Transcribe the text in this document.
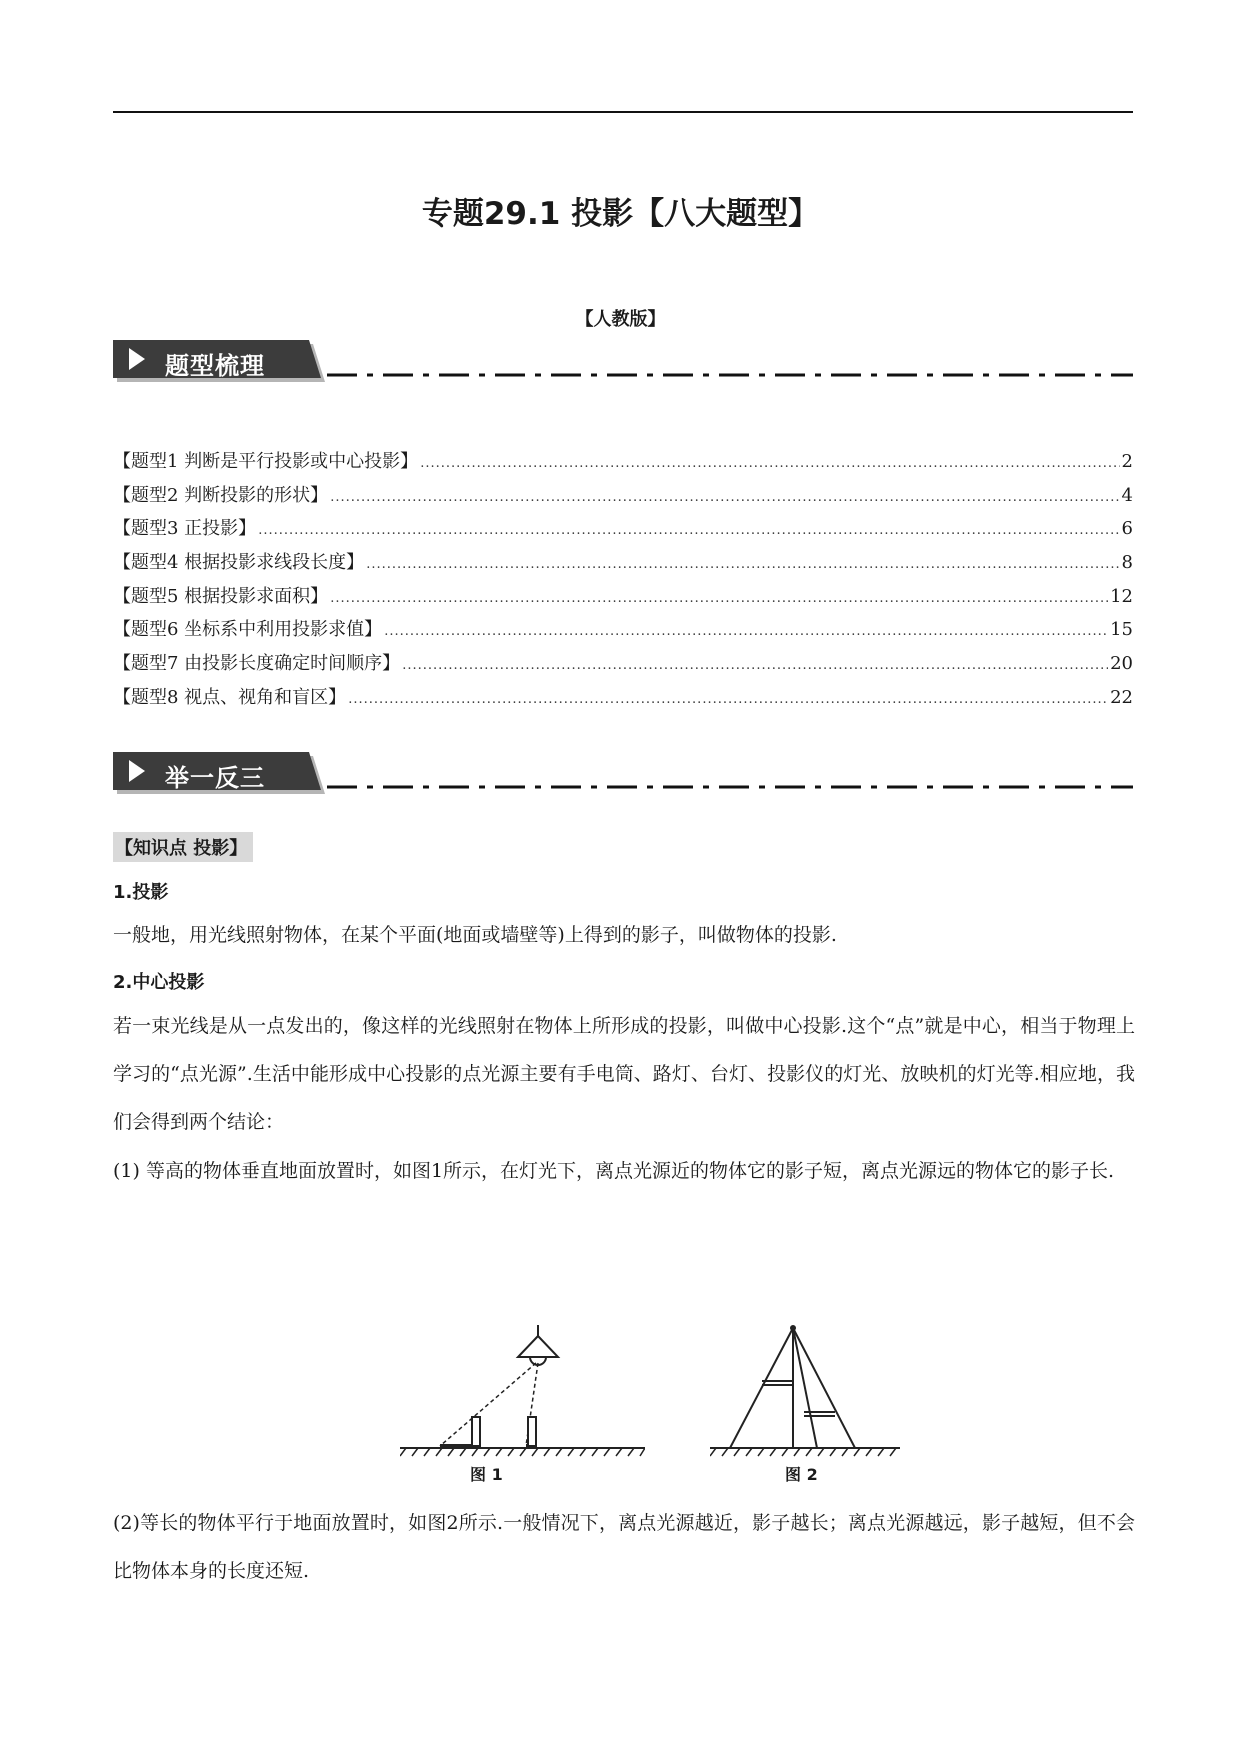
专题29.1 投影【八大题型】
【人教版】
题型梳理
【题型1 判断是平行投影或中心投影】 .....	2
【题型2 判断投影的形状】 .....	4
【题型3 正投影】 .....	6
【题型4 根据投影求线段长度】 .....	8
【题型5 根据投影求面积】 .....	12
【题型6 坐标系中利用投影求值】 .....	15
【题型7 由投影长度确定时间顺序】 .....	20
【题型8 视点、视角和盲区】 .....	22
举一反三
【知识点 投影】
1.投影
一般地，用光线照射物体，在某个平面(地面或墙壁等)上得到的影子，叫做物体的投影.
2.中心投影
若一束光线是从一点发出的，像这样的光线照射在物体上所形成的投影，叫做中心投影.这个“点”就是中心，相当于物理上学习的“点光源”.生活中能形成中心投影的点光源主要有手电筒、路灯、台灯、投影仪的灯光、放映机的灯光等.相应地，我们会得到两个结论：
(1) 等高的物体垂直地面放置时，如图1所示，在灯光下，离点光源近的物体它的影子短，离点光源远的物体它的影子长.
图 1	图 2
(2)等长的物体平行于地面放置时，如图2所示.一般情况下，离点光源越近，影子越长；离点光源越远，影子越短，但不会比物体本身的长度还短.
